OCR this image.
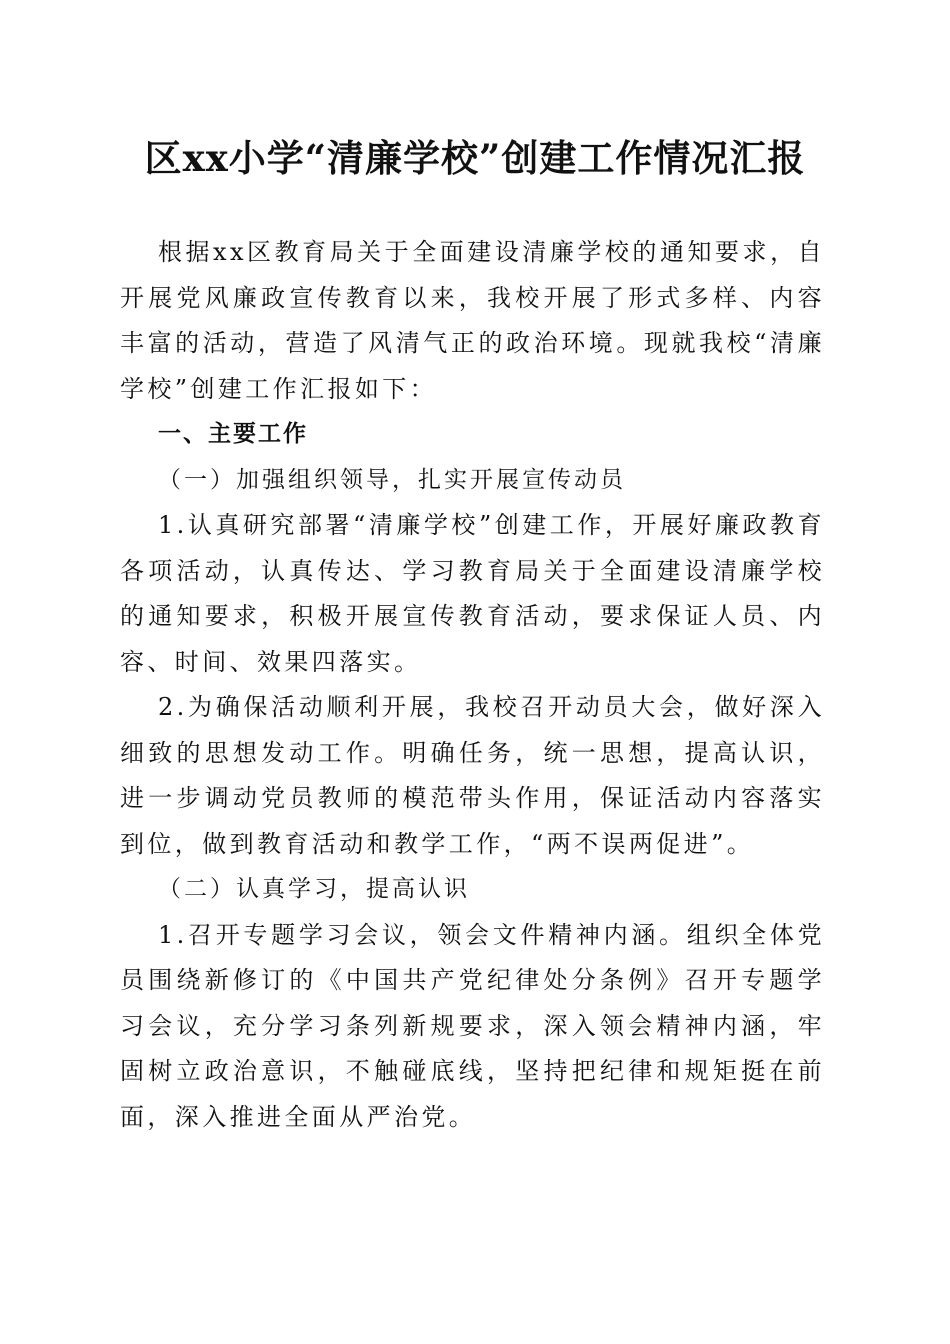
区xx小学“清廉学校”创建工作情况汇报

根据xx区教育局关于全面建设清廉学校的通知要求，自开展党风廉政宣传教育以来，我校开展了形式多样、内容丰富的活动，营造了风清气正的政治环境。现就我校“清廉学校”创建工作汇报如下：

一、主要工作

（一）加强组织领导，扎实开展宣传动员

1.认真研究部署“清廉学校”创建工作，开展好廉政教育各项活动，认真传达、学习教育局关于全面建设清廉学校的通知要求，积极开展宣传教育活动，要求保证人员、内容、时间、效果四落实。

2.为确保活动顺利开展，我校召开动员大会，做好深入细致的思想发动工作。明确任务，统一思想，提高认识，进一步调动党员教师的模范带头作用，保证活动内容落实到位，做到教育活动和教学工作，“两不误两促进”。

（二）认真学习，提高认识

1.召开专题学习会议，领会文件精神内涵。组织全体党员围绕新修订的《中国共产党纪律处分条例》召开专题学习会议，充分学习条列新规要求，深入领会精神内涵，牢固树立政治意识，不触碰底线，坚持把纪律和规矩挺在前面，深入推进全面从严治党。
